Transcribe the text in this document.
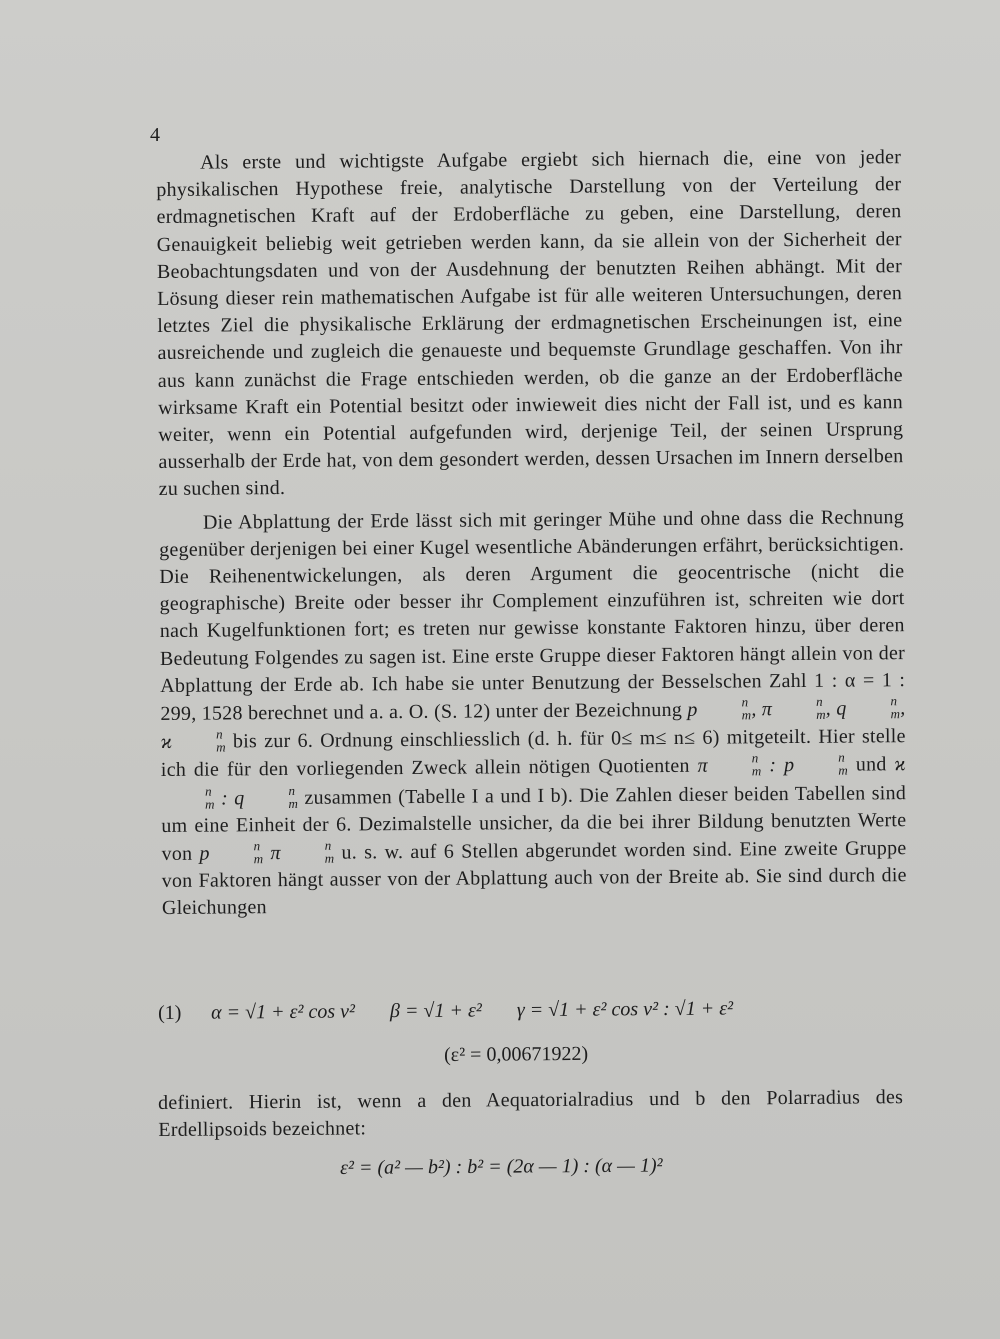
4

Als erste und wichtigste Aufgabe ergiebt sich hiernach die, eine von jeder physikalischen Hypothese freie, analytische Darstellung von der Verteilung der erdmagnetischen Kraft auf der Erdoberfläche zu geben, eine Darstellung, deren Genauigkeit beliebig weit getrieben werden kann, da sie allein von der Sicherheit der Beobachtungsdaten und von der Ausdehnung der benutzten Reihen abhängt. Mit der Lösung dieser rein mathematischen Aufgabe ist für alle weiteren Untersuchungen, deren letztes Ziel die physikalische Erklärung der erdmagnetischen Erscheinungen ist, eine ausreichende und zugleich die genaueste und bequemste Grundlage geschaffen. Von ihr aus kann zunächst die Frage entschieden werden, ob die ganze an der Erdoberfläche wirksame Kraft ein Potential besitzt oder inwieweit dies nicht der Fall ist, und es kann weiter, wenn ein Potential aufgefunden wird, derjenige Teil, der seinen Ursprung ausserhalb der Erde hat, von dem gesondert werden, dessen Ursachen im Innern derselben zu suchen sind.

Die Abplattung der Erde lässt sich mit geringer Mühe und ohne dass die Rechnung gegenüber derjenigen bei einer Kugel wesentliche Abänderungen erfährt, berücksichtigen. Die Reihenentwickelungen, als deren Argument die geocentrische (nicht die geographische) Breite oder besser ihr Complement einzuführen ist, schreiten wie dort nach Kugelfunktionen fort; es treten nur gewisse konstante Faktoren hinzu, über deren Bedeutung Folgendes zu sagen ist. Eine erste Gruppe dieser Faktoren hängt allein von der Abplattung der Erde ab. Ich habe sie unter Benutzung der Besselschen Zahl 1 : α = 1 : 299, 1528 berechnet und a. a. O. (S. 12) unter der Bezeichnung p	n
m , π	n
m , q	n
m , ϰ	n
m bis zur 6. Ordnung einschliesslich (d. h. für 0≤ m≤ n≤ 6) mitgeteilt. Hier stelle ich die für den vorliegenden Zweck allein nötigen Quotienten π	n
m : p	n
m und ϰ
n
m : q	n
m zusammen (Tabelle I a und I b). Die Zahlen dieser beiden Tabellen sind um eine Einheit der 6. Dezimalstelle unsicher, da die bei ihrer Bildung benutzten Werte von p	n
m π	n
m u. s. w. auf 6 Stellen abgerundet worden sind. Eine zweite Gruppe von Faktoren hängt ausser von der Abplattung auch von der Breite ab. Sie sind durch die Gleichungen

(1) α = √1 + ε² cos v² β = √1 + ε² γ = √1 + ε² cos v² : √1 + ε²
(ε² = 0,00671922)

definiert. Hierin ist, wenn a den Aequatorialradius und b den Polarradius des Erdellipsoids bezeichnet:

ε² = (a² — b²) : b² = (2α — 1) : (α — 1)²
